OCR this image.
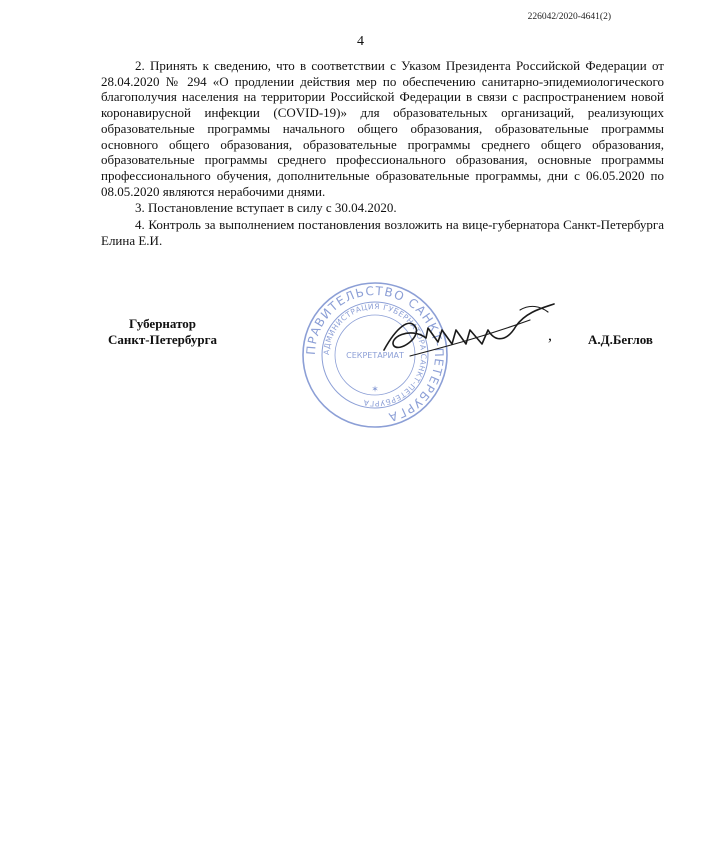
226042/2020-4641(2)
4

2. Принять к сведению, что в соответствии с Указом Президента Российской Федерации от 28.04.2020 № 294 «О продлении действия мер по обеспечению санитарно-эпидемиологического благополучия населения на территории Российской Федерации в связи с распространением новой коронавирусной инфекции (COVID-19)» для образовательных организаций, реализующих образовательные программы начального общего образования, образовательные программы основного общего образования, образовательные программы среднего общего образования, образовательные программы среднего профессионального образования, основные программы профессионального обучения, дополнительные образовательные программы, дни с 06.05.2020 по 08.05.2020 являются нерабочими днями.

3. Постановление вступает в силу с 30.04.2020.

4. Контроль за выполнением постановления возложить на вице-губернатора Санкт-Петербурга Елина Е.И.

Губернатор
Санкт-Петербурга
ПРАВИТЕЛЬСТВО САНКТ-ПЕТЕРБУРГА
АДМИНИСТРАЦИЯ ГУБЕРНАТОРА САНКТ-ПЕТЕРБУРГА
СЕКРЕТАРИАТ
✶
,	А.Д.Беглов
